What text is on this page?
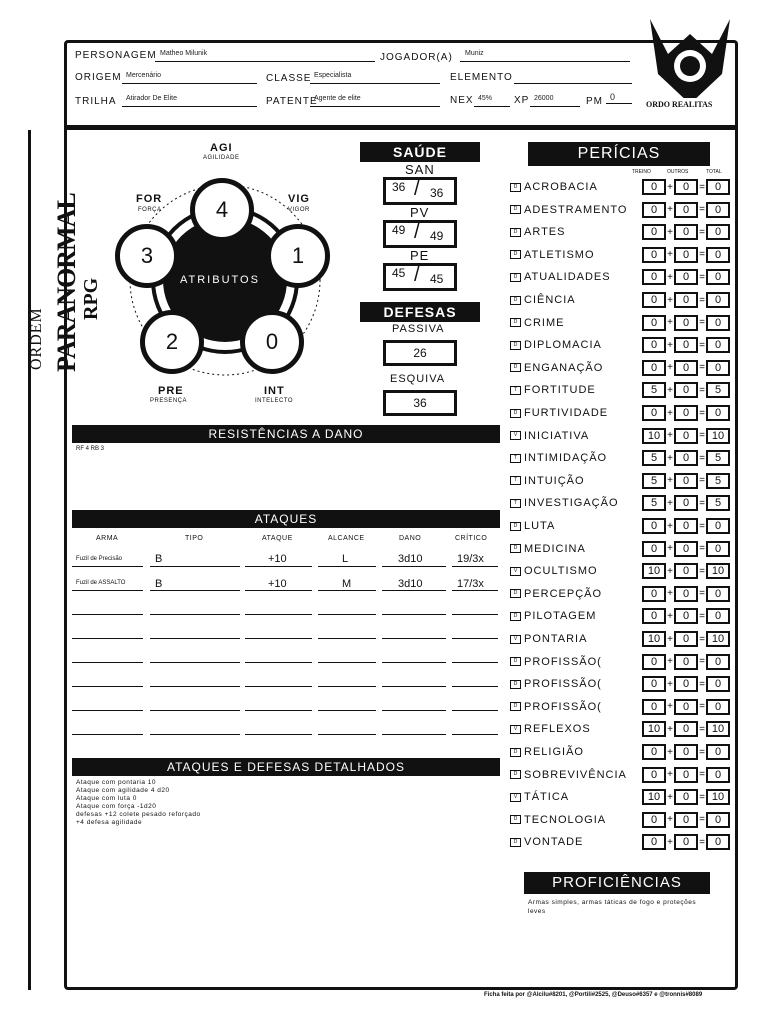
PERSONAGEM Matheo Milunik	JOGADOR(A) Muniz
ORIGEM Mercenário	CLASSE Especialista	ELEMENTO
TRILHA Atirador De Elite	PATENTE
Agente de elite	NEX 45% XP 26000	PM 0
ORDO REALITAS
ORDEM PARANORMAL RPG	ATRIBUTOS
AGI
AGILIDADE
4
FOR
FORÇA
3
VIG
VIGOR
1
2
PRE
PRESENÇA
0
INT
INTELECTO
SAÚDE
SAN
36 / 36
PV
49 / 49
PE
45 / 45
DEFESAS
PASSIVA
26
ESQUIVA
36
RESISTÊNCIAS A DANO
RF 4 RB 3
ATAQUES
ARMA	TIPO	ATAQUE	ALCANCE	DANO	CRÍTICO
Fuzil de Precisão	B	+10	L	3d10	19/3x
Fuzil de ASSALTO	B	+10	M	3d10	17/3x
ATAQUES E DEFESAS DETALHADOS
Ataque com pontaria 10
Ataque com agilidade 4 d20
Ataque com luta 0
Ataque com força -1d20
defesas +12 colete pesado reforçado
+4 defesa agilidade
PERÍCIAS
TREINO	OUTROS	TOTAL
D ACROBACIA	0	+ 0	= 0
D ADESTRAMENTO	0	+ 0	= 0
D ARTES	0	+ 0	= 0
D ATLETISMO	0	+ 0	= 0
D ATUALIDADES	0	+ 0	= 0
D CIÊNCIA	0	+ 0	= 0
D CRIME	0	+ 0	= 0
D DIPLOMACIA	0	+ 0	= 0
D ENGANAÇÃO	0	+ 0	= 0
T FORTITUDE	5	+ 0	= 5
D FURTIVIDADE	0	+ 0	= 0
V INICIATIVA	10 + 0	= 10
T INTIMIDAÇÃO	5	+ 0	= 5
T INTUIÇÃO	5	+ 0	= 5
T INVESTIGAÇÃO	5	+ 0	= 5
D LUTA	0	+ 0	= 0
D MEDICINA	0	+ 0	= 0
V OCULTISMO	10 + 0	= 10
D PERCEPÇÃO	0	+ 0	= 0
D PILOTAGEM	0	+ 0	= 0
V PONTARIA	10 + 0	= 10
D PROFISSÃO(	0	+ 0	= 0
D PROFISSÃO(	0	+ 0	= 0
D PROFISSÃO(	0	+ 0	= 0
V REFLEXOS	10 + 0	= 10
D RELIGIÃO	0	+ 0	= 0
D SOBREVIVÊNCIA	0	+ 0	= 0
V TÁTICA	10 + 0	= 10
D TECNOLOGIA	0	+ 0	= 0
D VONTADE	0	+ 0	= 0
PROFICIÊNCIAS
Armas simples, armas táticas de fogo e proteções leves
Ficha feita por @Alcilu#8201, @Portili#2525, @Deuso#6357 e @tronnis#8089
